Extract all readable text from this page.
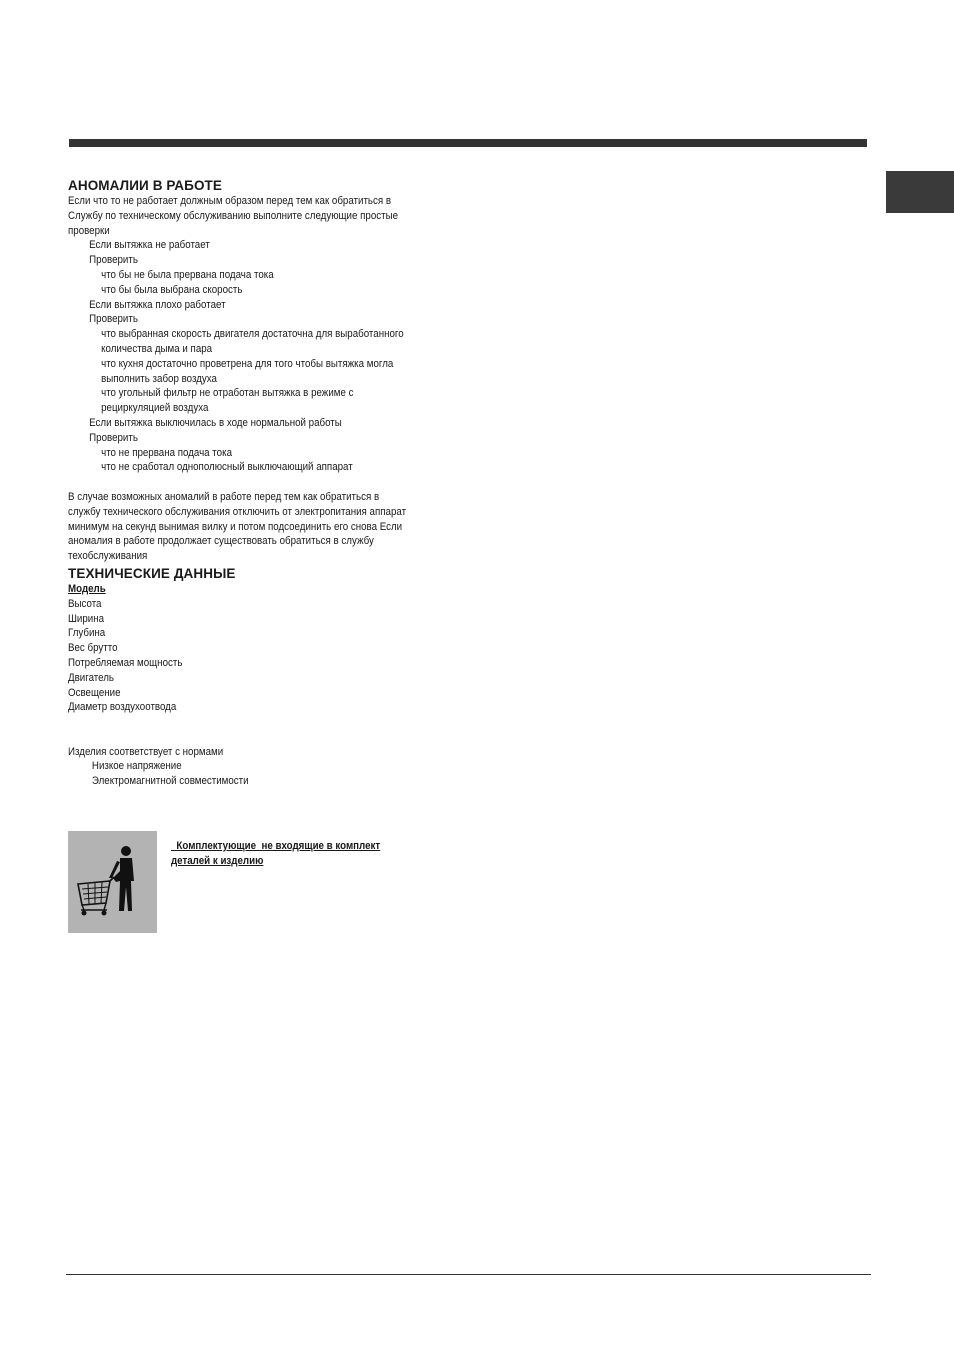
АНОМАЛИИ В РАБОТЕ

Если что то не работает должным образом перед тем как обратиться в

Службу по техническому обслуживанию выполните следующие простые

проверки

Если вытяжка не работает

Проверить

что бы не была прервана подача тока

что бы была выбрана скорость

Если вытяжка плохо работает

Проверить

что выбранная скорость двигателя достаточна для выработанного

количества дыма и пара

что кухня достаточно проветрена для того чтобы вытяжка могла

выполнить забор воздуха

что угольный фильтр не отработан вытяжка в режиме с

рециркуляцией воздуха

Если вытяжка выключилась в ходе нормальной работы

Проверить

что не прервана подача тока

что не сработал однополюсный выключающий аппарат

В случае возможных аномалий в работе перед тем как обратиться в

службу технического обслуживания отключить от электропитания аппарат

минимум на секунд вынимая вилку и потом подсоединить его снова Если

аномалия в работе продолжает существовать обратиться в службу

техобслуживания

ТЕХНИЧЕСКИЕ ДАННЫЕ

Модель

Высота

Ширина

Глубина

Вес брутто

Потребляемая мощность

Двигатель

Освещение

Диаметр воздухоотвода

Изделия соответствует с нормами

Низкое напряжение

Электромагнитной совместимости

Комплектующие  не входящие в комплект
деталей к изделию
